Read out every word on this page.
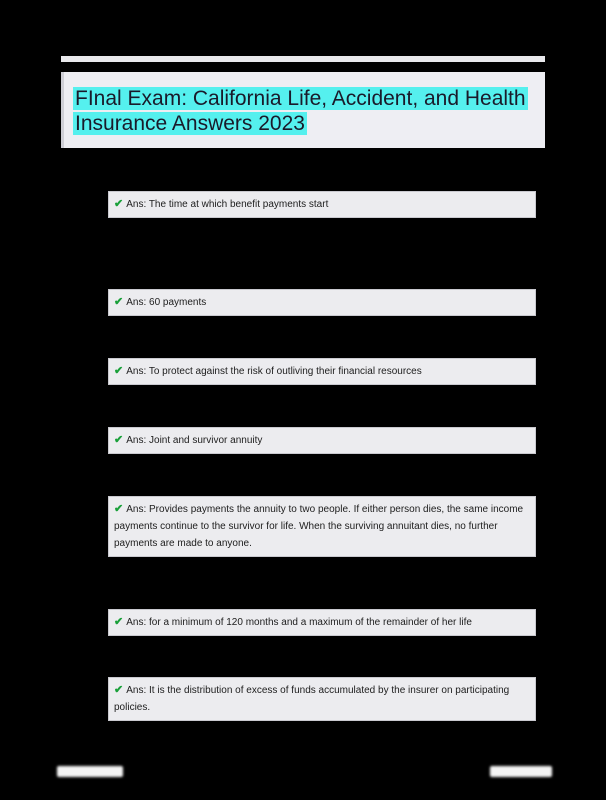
FInal Exam: California Life, Accident, and Health Insurance Answers 2023
✔ Ans: The time at which benefit payments start
✔ Ans: 60 payments
✔ Ans: To protect against the risk of outliving their financial resources
✔ Ans: Joint and survivor annuity
✔ Ans: Provides payments the annuity to two people. If either person dies, the same income payments continue to the survivor for life. When the surviving annuitant dies, no further payments are made to anyone.
✔ Ans: for a minimum of 120 months and a maximum of the remainder of her life
✔ Ans: It is the distribution of excess of funds accumulated by the insurer on participating policies.
